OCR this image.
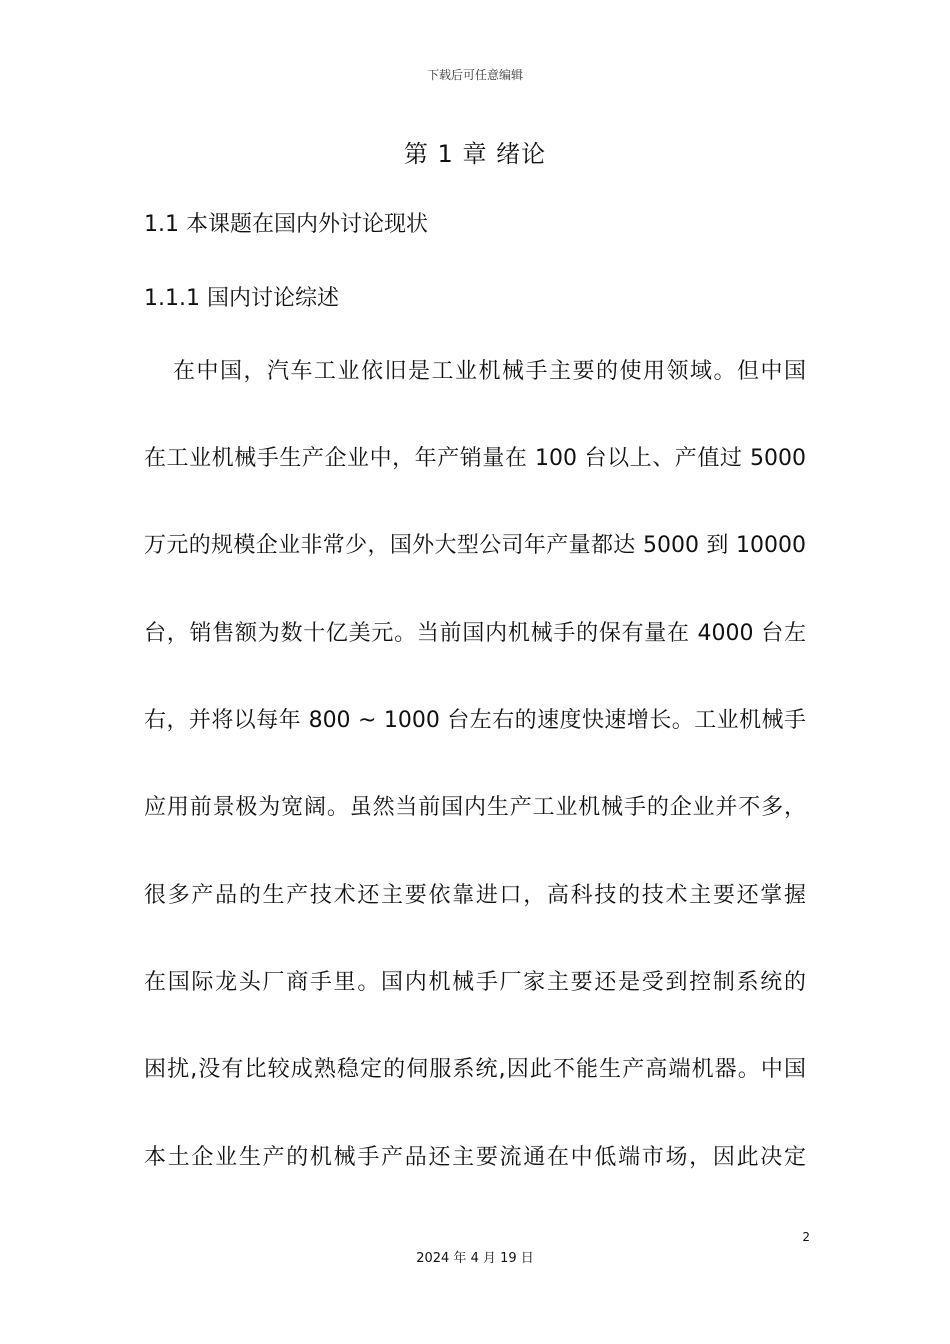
下载后可任意编辑
第 1 章 绪论
1.1 本课题在国内外讨论现状
1.1.1 国内讨论综述
在中国，汽车工业依旧是工业机械手主要的使用领域。但中国
在工业机械手生产企业中，年产销量在 100 台以上、产值过 5000
万元的规模企业非常少，国外大型公司年产量都达 5000 到 10000
台，销售额为数十亿美元。当前国内机械手的保有量在 4000 台左
右，并将以每年 800 ~ 1000 台左右的速度快速增长。工业机械手
应用前景极为宽阔。虽然当前国内生产工业机械手的企业并不多，
很多产品的生产技术还主要依靠进口，高科技的技术主要还掌握
在国际龙头厂商手里。国内机械手厂家主要还是受到控制系统的
困扰,没有比较成熟稳定的伺服系统,因此不能生产高端机器。中国
本土企业生产的机械手产品还主要流通在中低端市场，因此决定
2
2024 年 4 月 19 日
